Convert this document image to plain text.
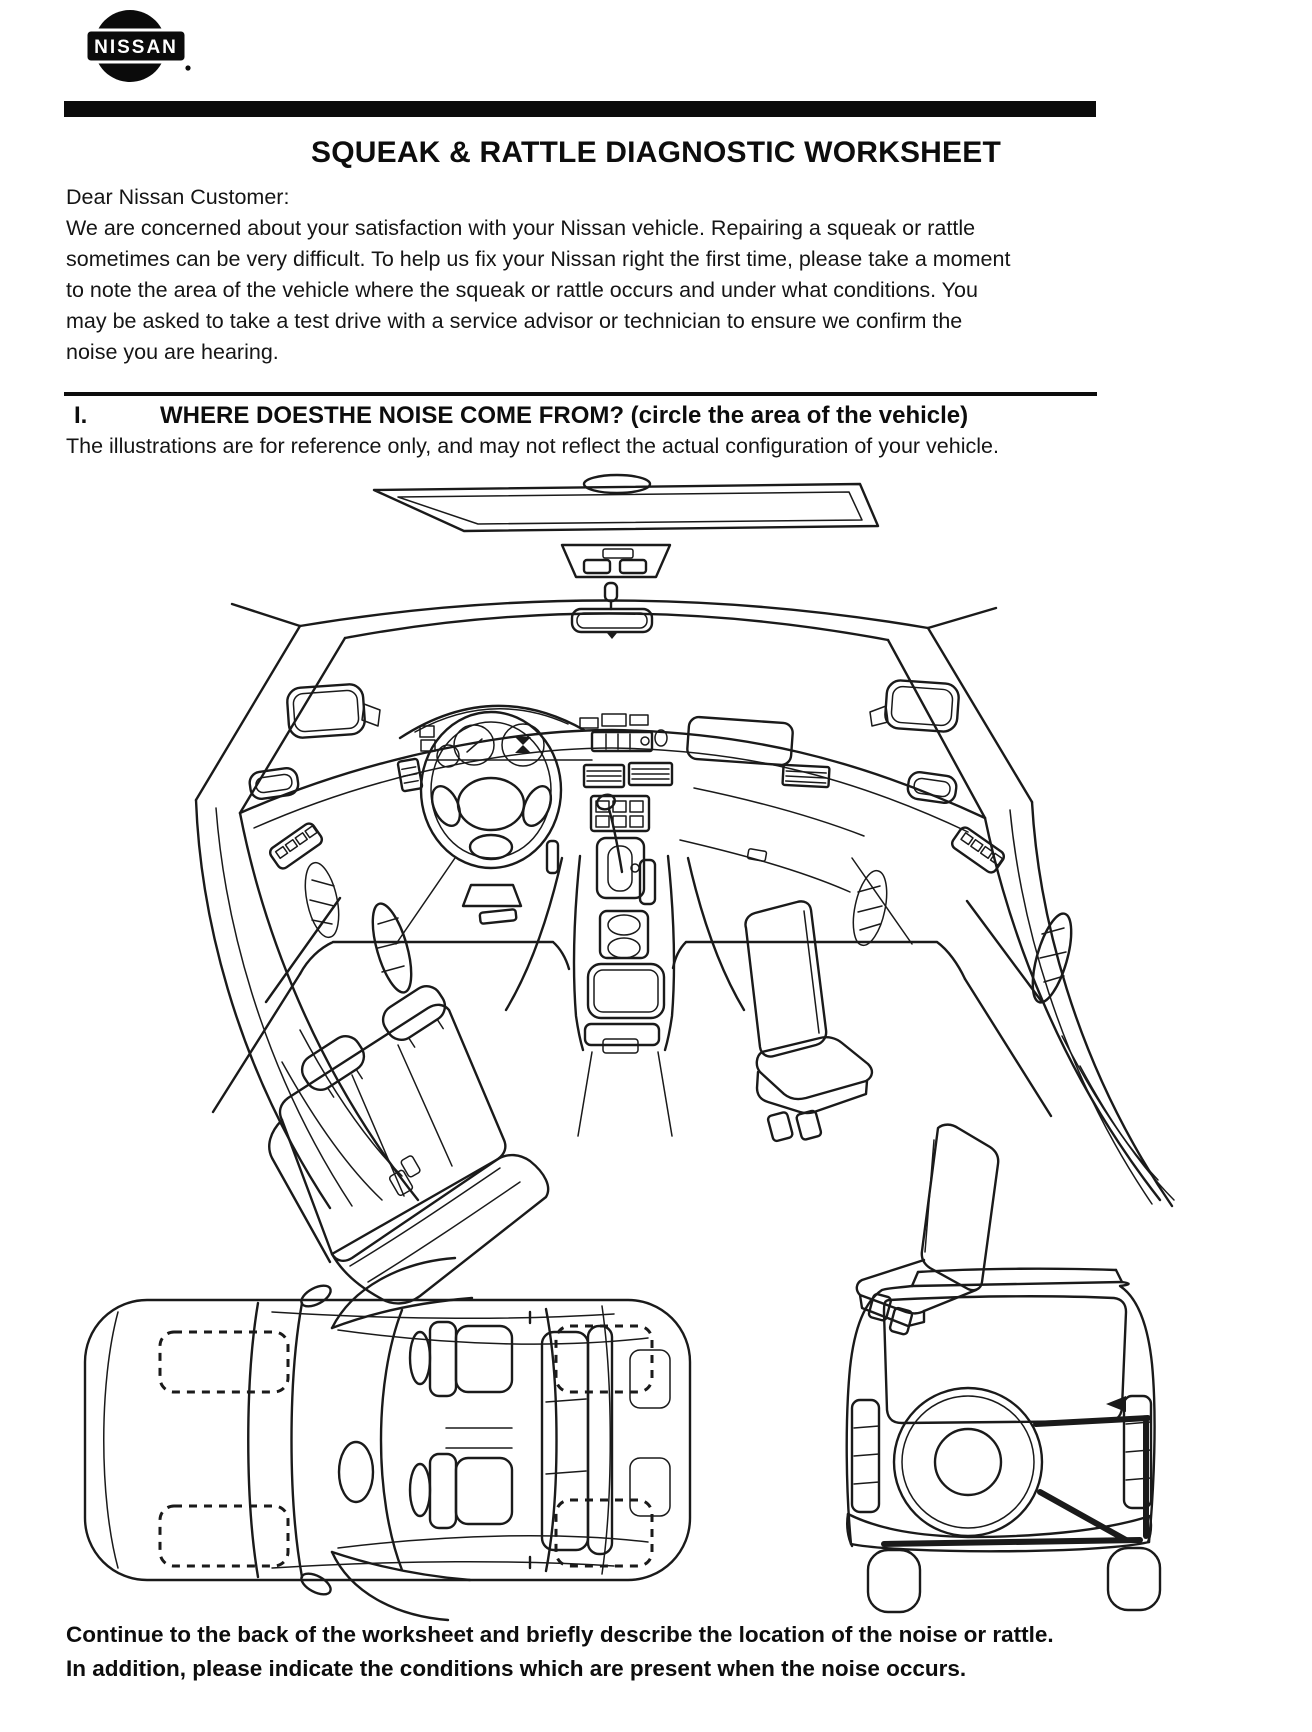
NISSAN
SQUEAK & RATTLE DIAGNOSTIC WORKSHEET
Dear Nissan Customer:
We are concerned about your satisfaction with your Nissan vehicle. Repairing a squeak or rattle
sometimes can be very difficult. To help us fix your Nissan right the first time, please take a moment
to note the area of the vehicle where the squeak or rattle occurs and under what conditions. You
may be asked to take a test drive with a service advisor or technician to ensure we confirm the
noise you are hearing.
I.	WHERE DOESTHE NOISE COME FROM? (circle the area of the vehicle)
The illustrations are for reference only, and may not reflect the actual configuration of your vehicle.
Continue to the back of the worksheet and briefly describe the location of the noise or rattle.
In addition, please indicate the conditions which are present when the noise occurs.
